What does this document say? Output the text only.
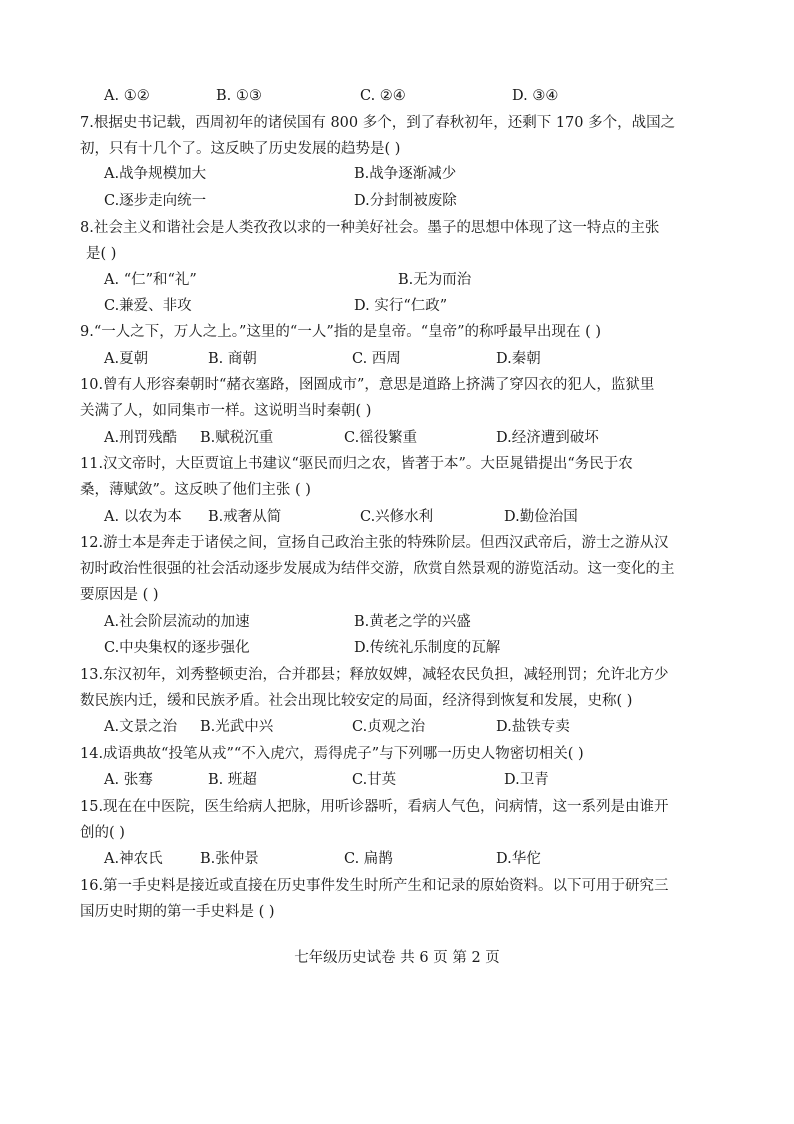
A. ①②	B. ①③	C. ②④	D. ③④
7.根据史书记载，西周初年的诸侯国有 800 多个，到了春秋初年，还剩下 170 多个，战国之
初，只有十几个了。这反映了历史发展的趋势是( )
A.战争规模加大	B.战争逐渐减少
C.逐步走向统一	D.分封制被废除
8.社会主义和谐社会是人类孜孜以求的一种美好社会。墨子的思想中体现了这一特点的主张
是( )
A. “仁”和“礼”	B.无为而治
C.兼爱、非攻	D. 实行“仁政”
9.“一人之下，万人之上。”这里的“一人”指的是皇帝。“皇帝”的称呼最早出现在 ( )
A.夏朝	B. 商朝	C. 西周	D.秦朝
10.曾有人形容秦朝时“赭衣塞路，囹圄成市”，意思是道路上挤满了穿囚衣的犯人，监狱里
关满了人，如同集市一样。这说明当时秦朝( )
A.刑罚残酷 B.赋税沉重	C.徭役繁重	D.经济遭到破坏
11.汉文帝时，大臣贾谊上书建议“驱民而归之农，皆著于本”。大臣晁错提出“务民于农
桑，薄赋敛”。这反映了他们主张 ( )
A. 以农为本 B.戒奢从简	C.兴修水利	D.勤俭治国
12.游士本是奔走于诸侯之间，宣扬自己政治主张的特殊阶层。但西汉武帝后，游士之游从汉
初时政治性很强的社会活动逐步发展成为结伴交游，欣赏自然景观的游览活动。这一变化的主
要原因是 ( )
A.社会阶层流动的加速	B.黄老之学的兴盛
C.中央集权的逐步强化	D.传统礼乐制度的瓦解
13.东汉初年，刘秀整顿吏治，合并郡县；释放奴婢，减轻农民负担，减轻刑罚；允许北方少
数民族内迁，缓和民族矛盾。社会出现比较安定的局面，经济得到恢复和发展，史称( )
A.文景之治 B.光武中兴	C.贞观之治	D.盐铁专卖
14.成语典故“投笔从戎”“不入虎穴，焉得虎子”与下列哪一历史人物密切相关( )
A. 张骞	B. 班超	C.甘英	D.卫青
15.现在在中医院，医生给病人把脉，用听诊器听，看病人气色，问病情，这一系列是由谁开
创的( )
A.神农氏	B.张仲景	C. 扁鹊	D.华佗
16.第一手史料是接近或直接在历史事件发生时所产生和记录的原始资料。以下可用于研究三
国历史时期的第一手史料是 ( )
七年级历史试卷 共 6 页 第 2 页
